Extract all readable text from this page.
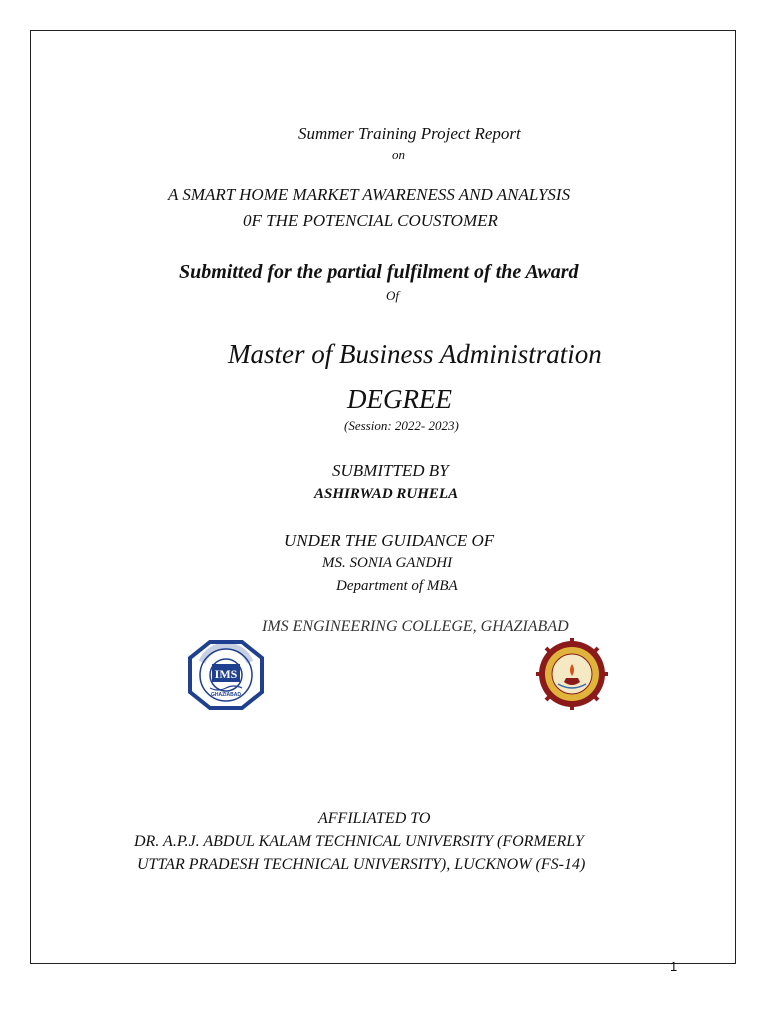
Summer Training Project Report
on
A SMART HOME MARKET AWARENESS AND ANALYSIS
0F THE POTENCIAL COUSTOMER
Submitted for the partial fulfilment of the Award
Of
Master of Business Administration
DEGREE
(Session: 2022- 2023)
SUBMITTED BY
ASHIRWAD RUHELA
UNDER THE GUIDANCE OF
MS. SONIA GANDHI
Department of MBA
IMS ENGINEERING COLLEGE, GHAZIABAD
IMS
GHAZIABAD
AFFILIATED TO
DR. A.P.J. ABDUL KALAM TECHNICAL UNIVERSITY (FORMERLY
UTTAR PRADESH TECHNICAL UNIVERSITY), LUCKNOW (FS-14)
1
